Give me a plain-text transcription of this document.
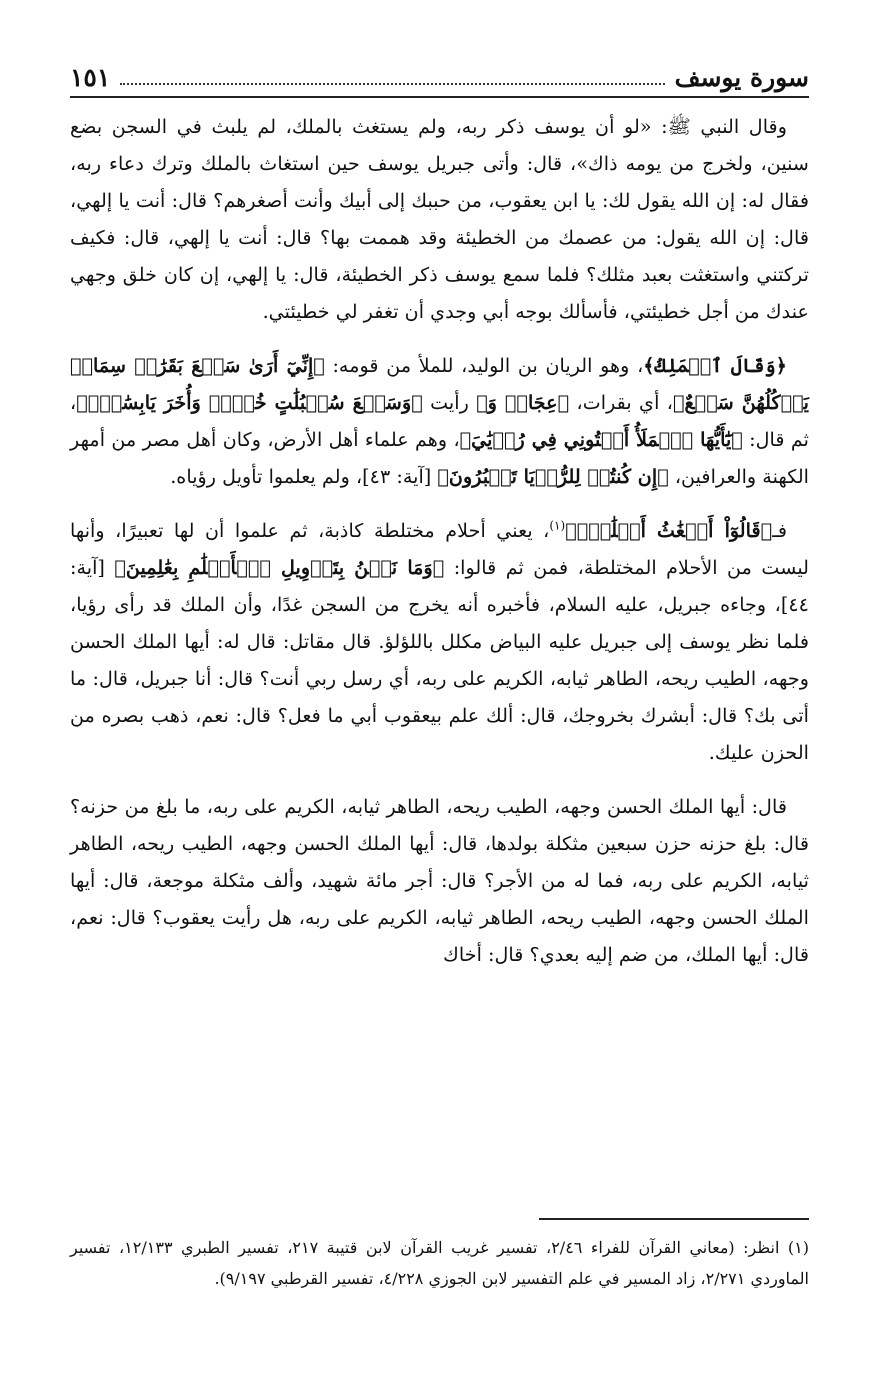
سورة يوسف
١٥١

وقال النبي ﷺ: «لو أن يوسف ذكر ربه، ولم يستغث بالملك، لم يلبث في السجن بضع سنين، ولخرج من يومه ذاك»، قال: وأتى جبريل يوسف حين استغاث بالملك وترك دعاء ربه، فقال له: إن الله يقول لك: يا ابن يعقوب، من حببك إلى أبيك وأنت أصغرهم؟ قال: أنت يا إلهي، قال: إن الله يقول: من عصمك من الخطيئة وقد هممت بها؟ قال: أنت يا إلهي، قال: فكيف تركتني واستغثت بعبد مثلك؟ فلما سمع يوسف ذكر الخطيئة، قال: يا إلهي، إن كان خلق وجهي عندك من أجل خطيئتي، فأسألك بوجه أبي وجدي أن تغفر لي خطيئتي.

﴿وَقَالَ ٱلۡمَلِكُ﴾، وهو الريان بن الوليد، للملأ من قومه: ﴿إِنِّيٓ أَرَىٰ سَبۡعَ بَقَرَٰتٖ سِمَانٖ يَأۡكُلُهُنَّ سَبۡعٌ﴾، أي بقرات، ﴿عِجَافٞ وَ﴾ رأيت ﴿وَسَبۡعَ سُنۢبُلَٰتٍ خُضۡرٖ وَأُخَرَ يَابِسَٰتٖۖ﴾، ثم قال: ﴿يَٰٓأَيُّهَا ٱلۡمَلَأُ أَفۡتُونِي فِي رُءۡيَٰيَ﴾، وهم علماء أهل الأرض، وكان أهل مصر من أمهر الكهنة والعرافين، ﴿إِن كُنتُمۡ لِلرُّءۡيَا تَعۡبُرُونَ﴾ [آية: ٤٣]، ولم يعلموا تأويل رؤياه.

فـ﴿قَالُوٓاْ أَضۡغَٰثُ أَحۡلَٰمٖۖ﴾$^{(١)}$، يعني أحلام مختلطة كاذبة، ثم علموا أن لها تعبيرًا، وأنها ليست من الأحلام المختلطة، فمن ثم قالوا: ﴿وَمَا نَحۡنُ بِتَأۡوِيلِ ٱلۡأَحۡلَٰمِ بِعَٰلِمِينَ﴾ [آية: ٤٤]، وجاءه جبريل، عليه السلام، فأخبره أنه يخرج من السجن غدًا، وأن الملك قد رأى رؤيا، فلما نظر يوسف إلى جبريل عليه البياض مكلل باللؤلؤ. قال مقاتل: قال له: أيها الملك الحسن وجهه، الطيب ريحه، الطاهر ثيابه، الكريم على ربه، أي رسل ربي أنت؟ قال: أنا جبريل، قال: ما أتى بك؟ قال: أبشرك بخروجك، قال: ألك علم بيعقوب أبي ما فعل؟ قال: نعم، ذهب بصره من الحزن عليك.

قال: أيها الملك الحسن وجهه، الطيب ريحه، الطاهر ثيابه، الكريم على ربه، ما بلغ من حزنه؟ قال: بلغ حزنه حزن سبعين مثكلة بولدها، قال: أيها الملك الحسن وجهه، الطيب ريحه، الطاهر ثيابه، الكريم على ربه، فما له من الأجر؟ قال: أجر مائة شهيد، وألف مثكلة موجعة، قال: أيها الملك الحسن وجهه، الطيب ريحه، الطاهر ثيابه، الكريم على ربه، هل رأيت يعقوب؟ قال: نعم، قال: أيها الملك، من ضم إليه بعدي؟ قال: أخاك

(١) انظر: (معاني القرآن للفراء ٢/٤٦، تفسير غريب القرآن لابن قتيبة ٢١٧، تفسير الطبري ١٢/١٣٣، تفسير الماوردي ٢/٢٧١، زاد المسير في علم التفسير لابن الجوزي ٤/٢٢٨، تفسير القرطبي ٩/١٩٧).
